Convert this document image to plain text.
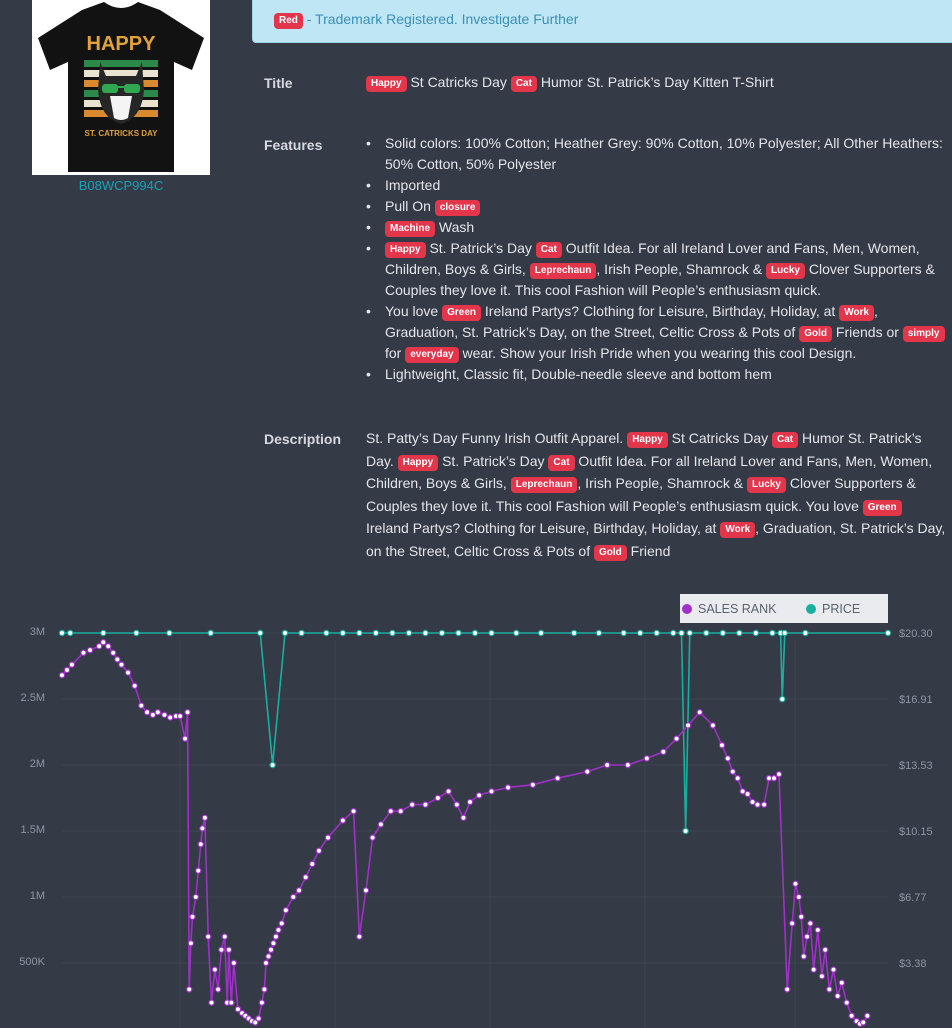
HAPPY
ST. CATRICKS DAY
B08WCP994C
Red - Trademark Registered. Investigate Further
Title	Happy St Catricks Day Cat Humor St. Patrick’s Day Kitten T-Shirt
Features
•	Solid colors: 100% Cotton; Heather Grey: 90% Cotton, 10% Polyester; All Other Heathers: 50% Cotton, 50% Polyester
• Imported
• Pull On closure
• Machine Wash
• Happy St. Patrick’s Day Cat Outfit Idea. For all Ireland Lover and Fans, Men, Women, Children, Boys & Girls, Leprechaun , Irish People, Shamrock & Lucky Clover Supporters & Couples they love it. This cool Fashion will People’s enthusiasm quick.
• You love Green Ireland Partys? Clothing for Leisure, Birthday, Holiday, at Work , Graduation, St. Patrick’s Day, on the Street, Celtic Cross & Pots of Gold Friends or simply for everyday wear. Show your Irish Pride when you wearing this cool Design.
• Lightweight, Classic fit, Double-needle sleeve and bottom hem
Description St. Patty’s Day Funny Irish Outfit Apparel. Happy St Catricks Day Cat Humor St. Patrick’s Day. Happy St. Patrick’s Day Cat Outfit Idea. For all Ireland Lover and Fans, Men, Women, Children, Boys & Girls, Leprechaun , Irish People, Shamrock & Lucky Clover Supporters & Couples they love it. This cool Fashion will People’s enthusiasm quick. You love Green Ireland Partys? Clothing for Leisure, Birthday, Holiday, at Work , Graduation, St. Patrick’s Day, on the Street, Celtic Cross & Pots of Gold Friend
3M
2.5M
2M
1.5M
1M
500K
$20.30
$16.91
$13.53
$10.15
$6.77
$3.38
SALES RANK	PRICE
